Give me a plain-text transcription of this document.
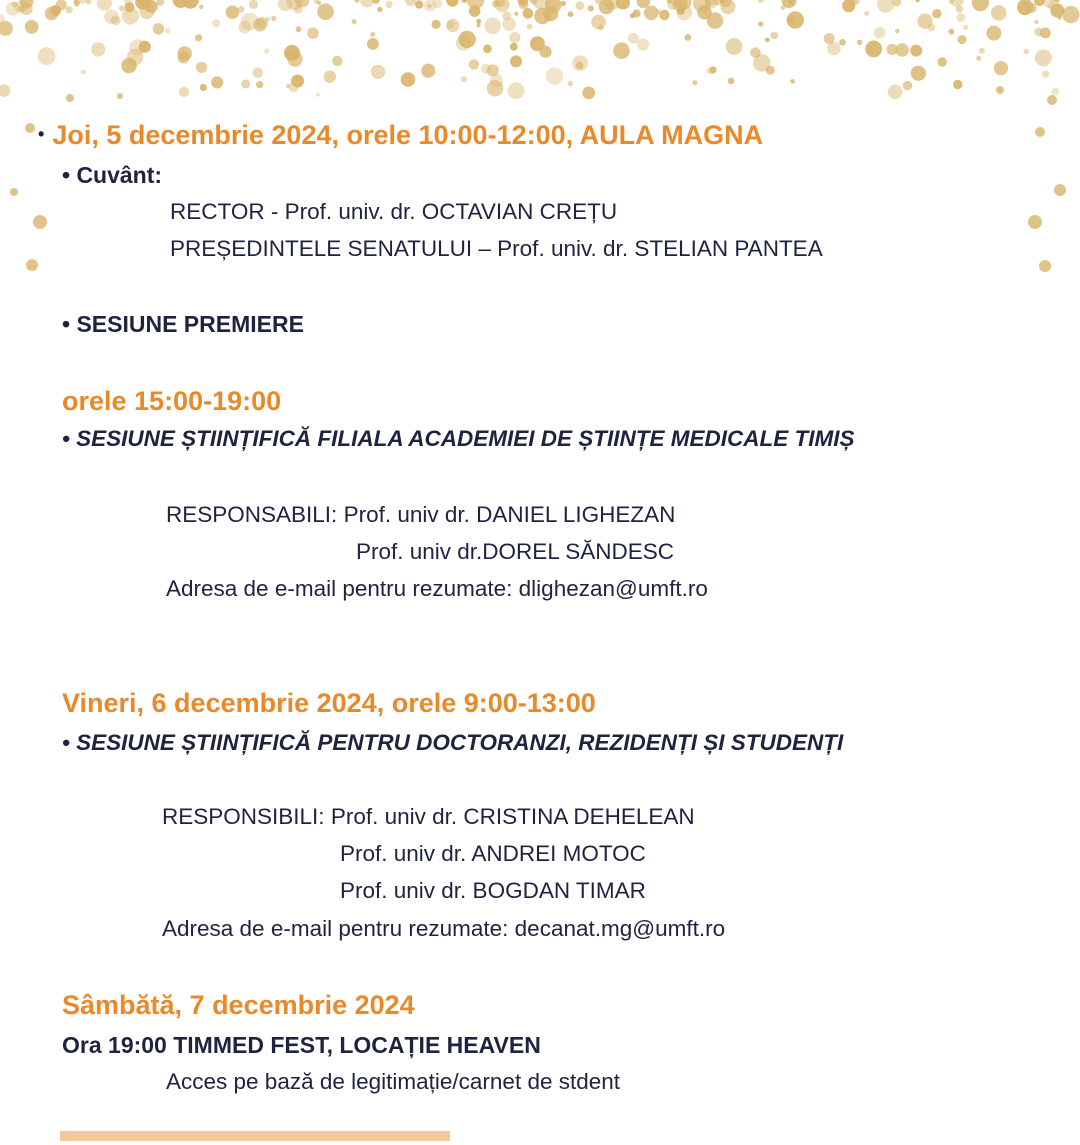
• Joi, 5 decembrie 2024, orele 10:00-12:00, AULA MAGNA
• Cuvânt:
RECTOR - Prof. univ. dr. OCTAVIAN CREȚU
PREȘEDINTELE SENATULUI – Prof. univ. dr. STELIAN PANTEA
• SESIUNE PREMIERE
orele 15:00-19:00
• SESIUNE ȘTIINȚIFICĂ FILIALA ACADEMIEI DE ȘTIINȚE MEDICALE TIMIȘ
RESPONSABILI: Prof. univ dr. DANIEL LIGHEZAN
Prof. univ dr.DOREL SĂNDESC
Adresa de e-mail pentru rezumate: dlighezan@umft.ro
Vineri, 6 decembrie 2024, orele 9:00-13:00
• SESIUNE ȘTIINȚIFICĂ PENTRU DOCTORANZI, REZIDENȚI ȘI STUDENȚI
RESPONSIBILI: Prof. univ dr. CRISTINA DEHELEAN
Prof. univ dr. ANDREI MOTOC
Prof. univ dr. BOGDAN TIMAR
Adresa de e-mail pentru rezumate: decanat.mg@umft.ro
Sâmbătă, 7 decembrie 2024
Ora 19:00 TIMMED FEST, LOCAȚIE HEAVEN
Acces pe bază de legitimație/carnet de stdent
